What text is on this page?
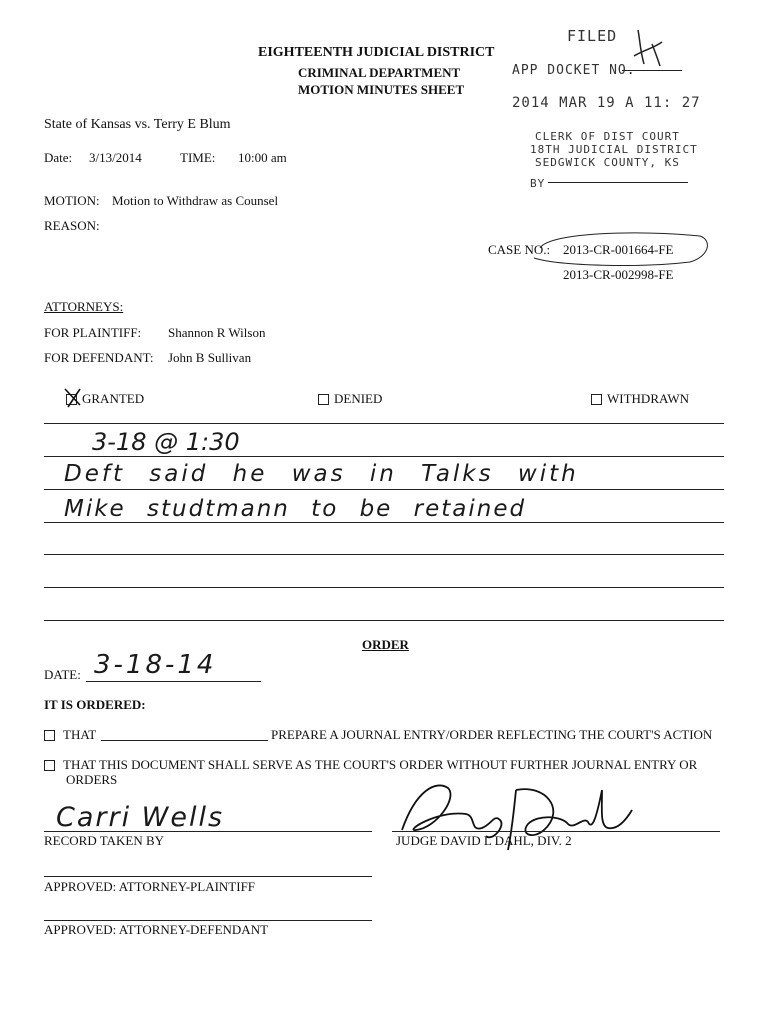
EIGHTEENTH JUDICIAL DISTRICT
CRIMINAL DEPARTMENT
MOTION MINUTES SHEET
FILED
APP DOCKET NO.
2014 MAR 19 A 11: 27
CLERK OF DIST COURT
18TH JUDICIAL DISTRICT
SEDGWICK COUNTY, KS
BY
State of Kansas vs. Terry E Blum
Date: 3/13/2014	TIME: 10:00 am
MOTION: Motion to Withdraw as Counsel
REASON:
CASE NO.: 2013-CR-001664-FE
2013-CR-002998-FE
ATTORNEYS:
FOR PLAINTIFF: Shannon R Wilson
FOR DEFENDANT: John B Sullivan
GRANTED	DENIED	WITHDRAWN
3-18 @ 1:30
Deft said he was in Talks with
Mike studtmann to be retained
ORDER
DATE: 3-18-14
IT IS ORDERED:
THAT	PREPARE A JOURNAL ENTRY/ORDER REFLECTING THE COURT'S ACTION
THAT THIS DOCUMENT SHALL SERVE AS THE COURT'S ORDER WITHOUT FURTHER JOURNAL ENTRY OR
ORDERS
Carri Wells
RECORD TAKEN BY	JUDGE DAVID L DAHL, DIV. 2
APPROVED: ATTORNEY-PLAINTIFF
APPROVED: ATTORNEY-DEFENDANT
